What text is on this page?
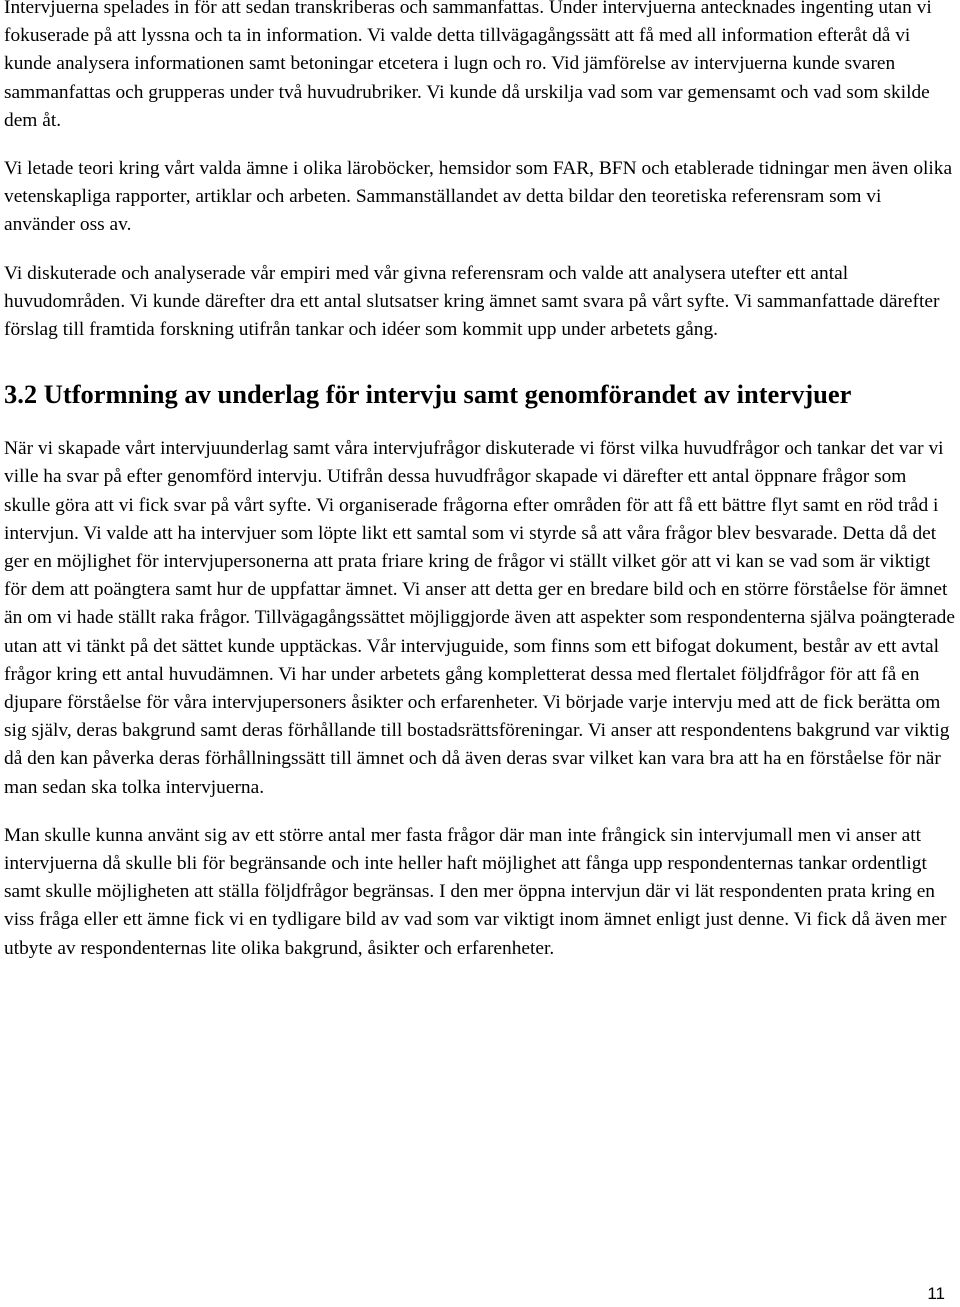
Intervjuerna spelades in för att sedan transkriberas och sammanfattas. Under intervjuerna antecknades ingenting utan vi fokuserade på att lyssna och ta in information. Vi valde detta tillvägagångssätt att få med all information efteråt då vi kunde analysera informationen samt betoningar etcetera i lugn och ro. Vid jämförelse av intervjuerna kunde svaren sammanfattas och grupperas under två huvudrubriker. Vi kunde då urskilja vad som var gemensamt och vad som skilde dem åt.

Vi letade teori kring vårt valda ämne i olika läroböcker, hemsidor som FAR, BFN och etablerade tidningar men även olika vetenskapliga rapporter, artiklar och arbeten. Sammanställandet av detta bildar den teoretiska referensram som vi använder oss av.

Vi diskuterade och analyserade vår empiri med vår givna referensram och valde att analysera utefter ett antal huvudområden. Vi kunde därefter dra ett antal slutsatser kring ämnet samt svara på vårt syfte. Vi sammanfattade därefter förslag till framtida forskning utifrån tankar och idéer som kommit upp under arbetets gång.

3.2 Utformning av underlag för intervju samt genomförandet av intervjuer

När vi skapade vårt intervjuunderlag samt våra intervjufrågor diskuterade vi först vilka huvudfrågor och tankar det var vi ville ha svar på efter genomförd intervju. Utifrån dessa huvudfrågor skapade vi därefter ett antal öppnare frågor som skulle göra att vi fick svar på vårt syfte. Vi organiserade frågorna efter områden för att få ett bättre flyt samt en röd tråd i intervjun. Vi valde att ha intervjuer som löpte likt ett samtal som vi styrde så att våra frågor blev besvarade. Detta då det ger en möjlighet för intervjupersonerna att prata friare kring de frågor vi ställt vilket gör att vi kan se vad som är viktigt för dem att poängtera samt hur de uppfattar ämnet. Vi anser att detta ger en bredare bild och en större förståelse för ämnet än om vi hade ställt raka frågor. Tillvägagångssättet möjliggjorde även att aspekter som respondenterna själva poängterade utan att vi tänkt på det sättet kunde upptäckas. Vår intervjuguide, som finns som ett bifogat dokument, består av ett avtal frågor kring ett antal huvudämnen. Vi har under arbetets gång kompletterat dessa med flertalet följdfrågor för att få en djupare förståelse för våra intervjupersoners åsikter och erfarenheter. Vi började varje intervju med att de fick berätta om sig själv, deras bakgrund samt deras förhållande till bostadsrättsföreningar. Vi anser att respondentens bakgrund var viktig då den kan påverka deras förhållningssätt till ämnet och då även deras svar vilket kan vara bra att ha en förståelse för när man sedan ska tolka intervjuerna.

Man skulle kunna använt sig av ett större antal mer fasta frågor där man inte frångick sin intervjumall men vi anser att intervjuerna då skulle bli för begränsande och inte heller haft möjlighet att fånga upp respondenternas tankar ordentligt samt skulle möjligheten att ställa följdfrågor begränsas. I den mer öppna intervjun där vi lät respondenten prata kring en viss fråga eller ett ämne fick vi en tydligare bild av vad som var viktigt inom ämnet enligt just denne. Vi fick då även mer utbyte av respondenternas lite olika bakgrund, åsikter och erfarenheter.

11
